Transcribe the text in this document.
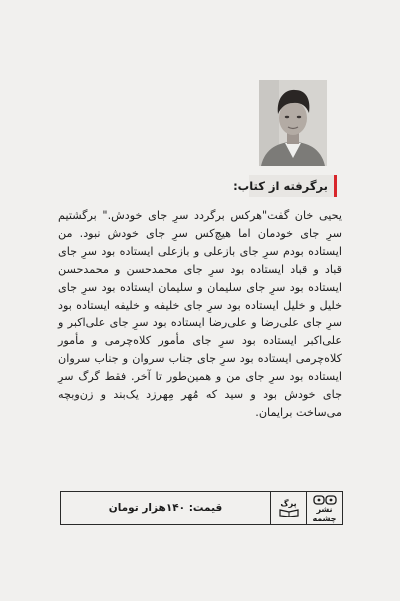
برگرفته از کتاب:

یحیی خان گفت"هرکس برگردد سرِ جای خودش." برگشتیم سرِ جای خودمان اما هیچ‌کس سرِ جای خودش نبود. من ایستاده بودم سرِ جای بازعلی و بازعلی ایستاده بود سرِ جای قباد و قباد ایستاده بود سرِ جای محمدحسن و محمدحسن ایستاده بود سرِ جای سلیمان و سلیمان ایستاده بود سرِ جای خلیل و خلیل ایستاده بود سرِ جای خلیفه و خلیفه ایستاده بود سرِ جای علی‌رضا و علی‌رضا ایستاده بود سرِ جای علی‌اکبر و علی‌اکبر ایستاده بود سرِ جای مأمور کلاه‌چرمی و مأمور کلاه‌چرمی ایستاده بود سرِ جای جناب سروان و جناب سروان ایستاده بود سرِ جای من و همین‌طور تا آخر. فقط گرگ سرِ جای خودش بود و سید که مُهر مِهرزد یک‌بند و زن‌وبچه می‌ساخت برایمان.

قیمت: ۱۴۰هزار تومان	پرگ
نشر چشمه
